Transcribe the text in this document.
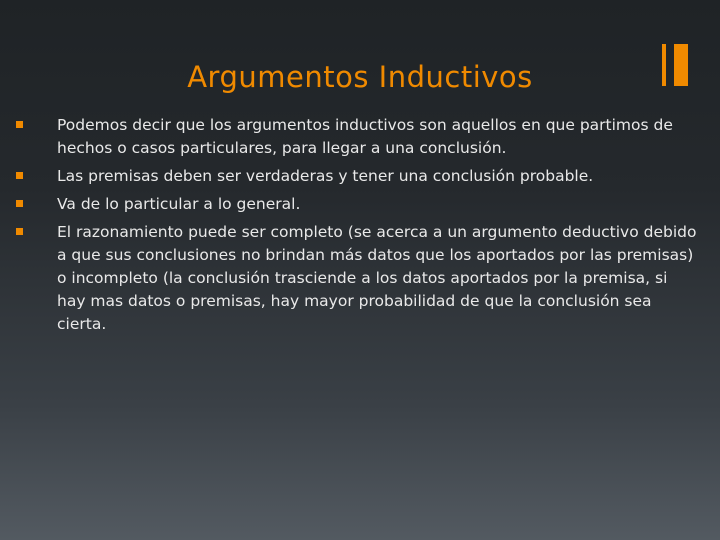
Argumentos Inductivos
Podemos decir que los argumentos inductivos son aquellos en que partimos de hechos o casos particulares, para llegar a una conclusión.
Las premisas deben ser verdaderas y tener una conclusión probable.
Va de lo particular a lo general.
El razonamiento puede ser completo (se acerca a un argumento deductivo debido a que sus conclusiones no brindan más datos que los aportados por las premisas) o incompleto (la conclusión trasciende a los datos aportados por la premisa, si hay mas datos o premisas, hay mayor probabilidad de que la conclusión sea cierta.
